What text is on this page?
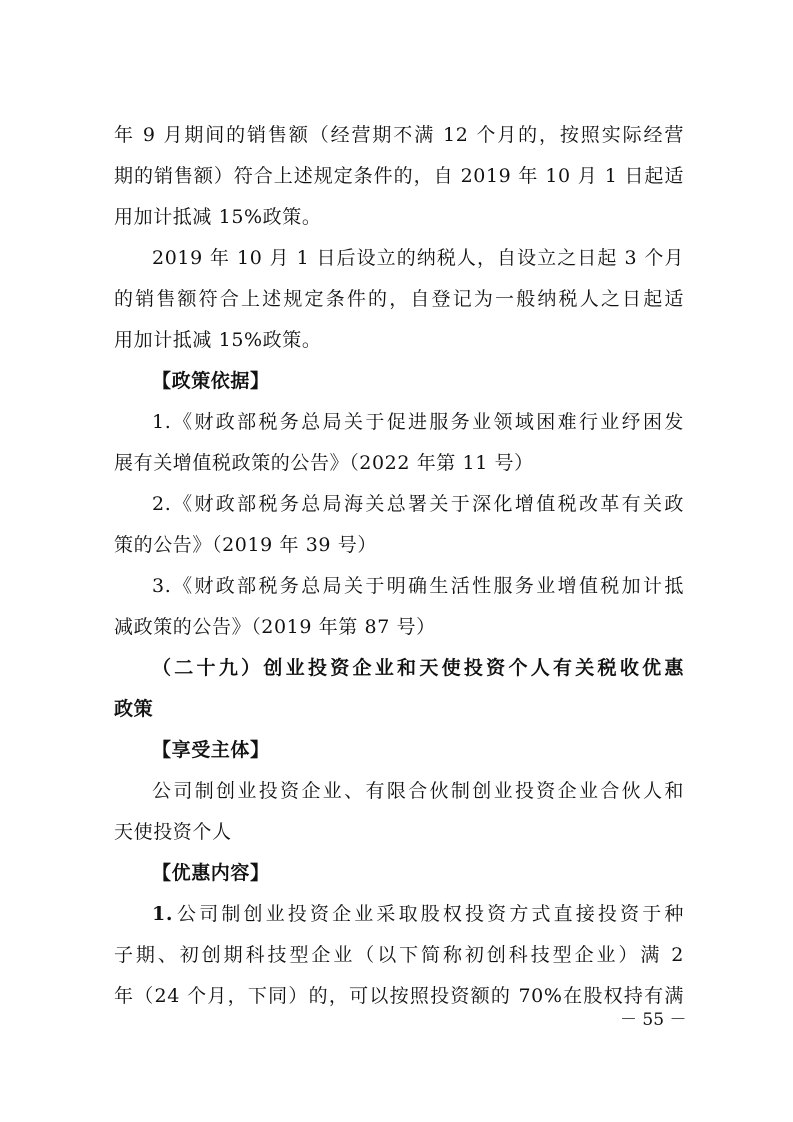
年 9 月期间的销售额（经营期不满 12 个月的，按照实际经营
期的销售额）符合上述规定条件的，自 2019 年 10 月 1 日起适
用加计抵减 15%政策。
2019 年 10 月 1 日后设立的纳税人，自设立之日起 3 个月
的销售额符合上述规定条件的，自登记为一般纳税人之日起适
用加计抵减 15%政策。
【政策依据】
1.《财政部税务总局关于促进服务业领域困难行业纾困发
展有关增值税政策的公告》（2022 年第 11 号）
2.《财政部税务总局海关总署关于深化增值税改革有关政
策的公告》（2019 年 39 号）
3.《财政部税务总局关于明确生活性服务业增值税加计抵
减政策的公告》（2019 年第 87 号）
（二十九）创业投资企业和天使投资个人有关税收优惠
政策
【享受主体】
公司制创业投资企业、有限合伙制创业投资企业合伙人和
天使投资个人
【优惠内容】
1. 公司制创业投资企业采取股权投资方式直接投资于种
子期、初创期科技型企业（以下简称初创科技型企业）满 2
年（24 个月，下同）的，可以按照投资额的 70%在股权持有满
－ 55 －
